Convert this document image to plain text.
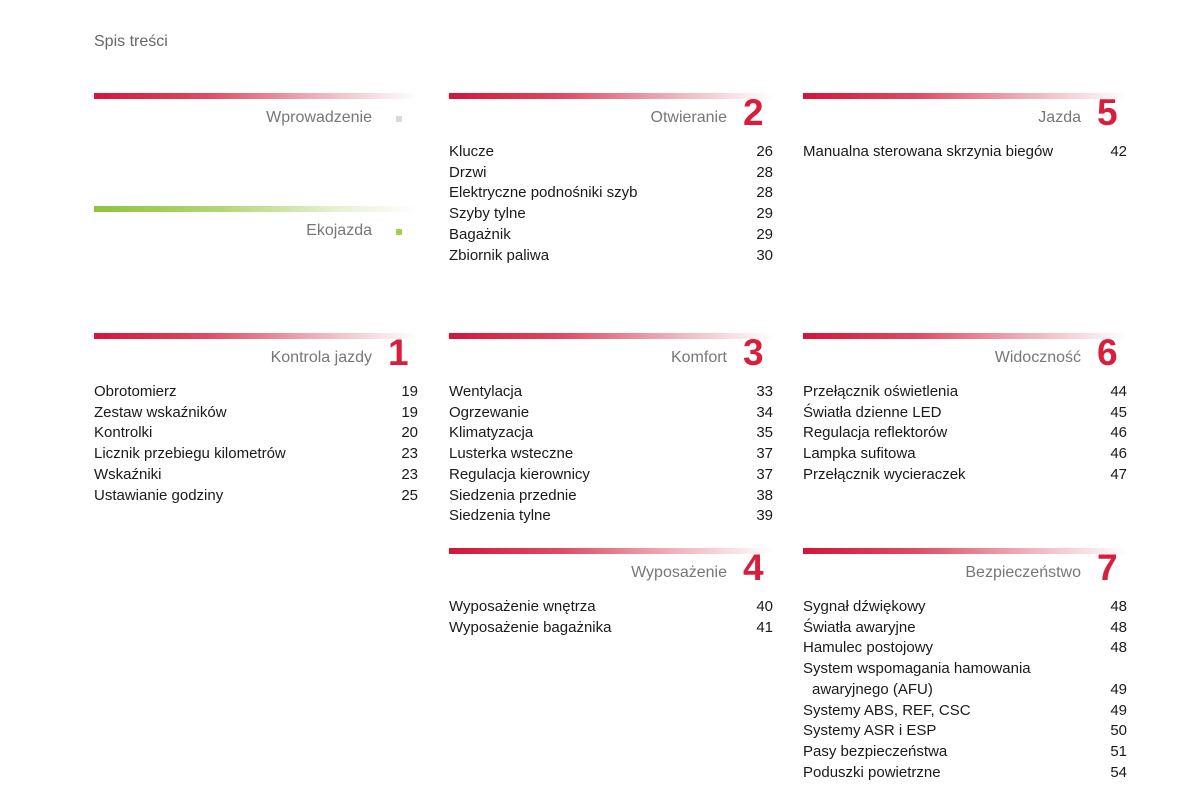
Spis treści
Wprowadzenie
Ekojazda
Kontrola jazdy 1
Obrotomierz	19
Zestaw wskaźników	19
Kontrolki	20
Licznik przebiegu kilometrów	23
Wskaźniki	23
Ustawianie godziny	25
Otwieranie 2
Klucze	26
Drzwi	28
Elektryczne podnośniki szyb	28
Szyby tylne	29
Bagażnik	29
Zbiornik paliwa	30
Komfort 3
Wentylacja	33
Ogrzewanie	34
Klimatyzacja	35
Lusterka wsteczne	37
Regulacja kierownicy	37
Siedzenia przednie	38
Siedzenia tylne	39
Wyposażenie 4
Wyposażenie wnętrza	40
Wyposażenie bagażnika	41
Jazda 5
Manualna sterowana skrzynia biegów	42
Widoczność 6
Przełącznik oświetlenia	44
Światła dzienne LED	45
Regulacja reflektorów	46
Lampka sufitowa	46
Przełącznik wycieraczek	47
Bezpieczeństwo 7
Sygnał dźwiękowy	48
Światła awaryjne	48
Hamulec postojowy	48
System wspomagania hamowania
awaryjnego (AFU)	49
Systemy ABS, REF, CSC	49
Systemy ASR i ESP	50
Pasy bezpieczeństwa	51
Poduszki powietrzne	54
